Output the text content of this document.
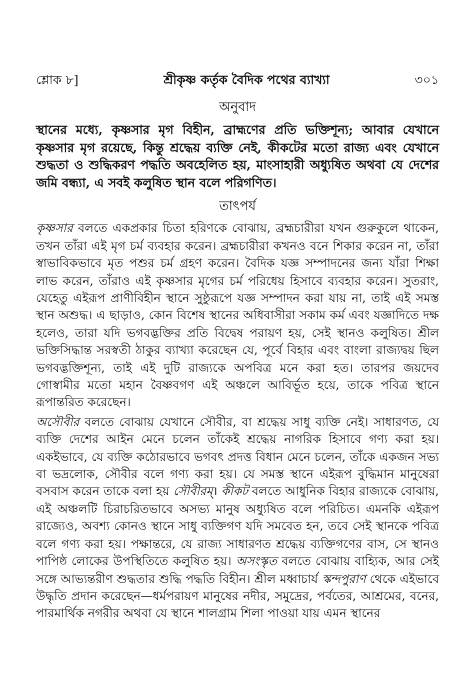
শ্লোক ৮]	শ্রীকৃষ্ণ কর্তৃক বৈদিক পথের ব্যাখ্যা	৩০১
অনুবাদ

স্থানের মধ্যে, কৃষ্ণসার মৃগ বিহীন, ব্রাহ্মণের প্রতি ভক্তিশূন্য; আবার যেখানে কৃষ্ণসার মৃগ রয়েছে, কিন্তু শ্রদ্ধেয় ব্যক্তি নেই, কীকটের মতো রাজ্য এবং যেখানে শুদ্ধতা ও শুদ্ধিকরণ পদ্ধতি অবহেলিত হয়, মাংসাহারী অধ্যুষিত অথবা যে দেশের জমি বন্ধ্যা, এ সবই কলুষিত স্থান বলে পরিগণিত।

তাৎপর্য

কৃষ্ণসার বলতে একপ্রকার চিতা হরিণকে বোঝায়, ব্রহ্মচারীরা যখন গুরুকুলে থাকেন, তখন তাঁরা এই মৃগ চর্ম ব্যবহার করেন। ব্রহ্মচারীরা কখনও বনে শিকার করেন না, তাঁরা স্বাভাবিকভাবে মৃত পশুর চর্ম গ্রহণ করেন। বৈদিক যজ্ঞ সম্পাদনের জন্য যাঁরা শিক্ষা লাভ করেন, তাঁরাও এই কৃষ্ণসার মৃগের চর্ম পরিধেয় হিসাবে ব্যবহার করেন। সুতরাং, যেহেতু এইরূপ প্রাণীবিহীন স্থানে সুষ্ঠুরূপে যজ্ঞ সম্পাদন করা যায় না, তাই এই সমস্ত স্থান অশুদ্ধ। এ ছাড়াও, কোন বিশেষ স্থানের অধিবাসীরা সকাম কর্ম এবং যজ্ঞাদিতে দক্ষ হলেও, তারা যদি ভগবদ্ভক্তির প্রতি বিদ্বেষ পরায়ণ হয়, সেই স্থানও কলুষিত। শ্রীল ভক্তিসিদ্ধান্ত সরস্বতী ঠাকুর ব্যাখ্যা করেছেন যে, পূর্বে বিহার এবং বাংলা রাজ্যদ্বয় ছিল ভগবদ্ভক্তিশূন্য, তাই এই দুটি রাজ্যকে অপবিত্র মনে করা হত। তারপর জয়দেব গোস্বামীর মতো মহান বৈষ্ণবগণ এই অঞ্চলে আবির্ভূত হয়ে, তাকে পবিত্র স্থানে রূপান্তরিত করেছেন।

অসৌবীর বলতে বোঝায় যেখানে সৌবীর, বা শ্রদ্ধেয় সাধু ব্যক্তি নেই। সাধারণত, যে ব্যক্তি দেশের আইন মেনে চলেন তাঁকেই শ্রদ্ধেয় নাগরিক হিসাবে গণ্য করা হয়। একইভাবে, যে ব্যক্তি কঠোরভাবে ভগবৎ প্রদত্ত বিধান মেনে চলেন, তাঁকে একজন সভ্য বা ভদ্রলোক, সৌবীর বলে গণ্য করা হয়। যে সমস্ত স্থানে এইরূপ বুদ্ধিমান মানুষেরা বসবাস করেন তাকে বলা হয় সৌবীরম্। কীকট বলতে আধুনিক বিহার রাজ্যকে বোঝায়, এই অঞ্চলটি চিরাচরিতভাবে অসভ্য মানুষ অধ্যুষিত বলে পরিচিত। এমনকি এইরূপ রাজ্যেও, অবশ্য কোনও স্থানে সাধু ব্যক্তিগণ যদি সমবেত হন, তবে সেই স্থানকে পবিত্র বলে গণ্য করা হয়। পক্ষান্তরে, যে রাজ্য সাধারণত শ্রদ্ধেয় ব্যক্তিগণের বাস, সে স্থানও পাপিষ্ঠ লোকের উপস্থিতিতে কলুষিত হয়। অসংস্কৃত বলতে বোঝায় বাহ্যিক, আর সেই সঙ্গে আভ্যন্তরীণ শুদ্ধতার শুদ্ধি পদ্ধতি বিহীন। শ্রীল মধ্বাচার্য স্কন্দপুরাণ থেকে এইভাবে উদ্ধৃতি প্রদান করেছেন—ধর্মপরায়ণ মানুষের নদীর, সমুদ্রের, পর্বতের, আশ্রমের, বনের, পারমার্থিক নগরীর অথবা যে স্থানে শালগ্রাম শিলা পাওয়া যায় এমন স্থানের
